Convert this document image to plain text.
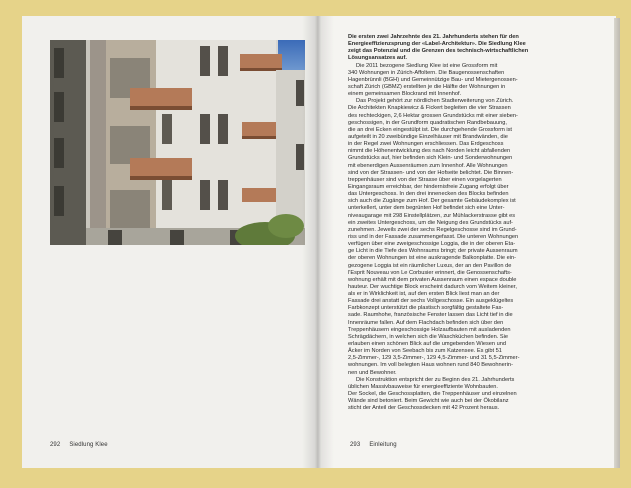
292 Siedlung Klee
Die ersten zwei Jahrzehnte des 21. Jahrhunderts stehen für den
Energieeffizienzsprung der «Label-Architektur». Die Siedlung Klee
zeigt das Potenzial und die Grenzen des technisch-wirtschaftlichen
Lösungsansatzes auf.
Die 2011 bezogene Siedlung Klee ist eine Grossform mit
340 Wohnungen in Zürich-Affoltern. Die Baugenossenschaften
Hagenbrünnli (BGH) und Gemeinnützige Bau- und Mietergenossen-
schaft Zürich (GBMZ) erstellten je die Hälfte der Wohnungen in
einem gemeinsamen Blockrand mit Innenhof.
Das Projekt gehört zur nördlichen Stadterweiterung von Zürich.
Die Architekten Knapkiewicz & Fickert begleiten die vier Strassen
des rechteckigen, 2,6 Hektar grossen Grundstücks mit einer sieben-
geschossigen, in der Grundform quadratischen Randbebauung,
die an drei Ecken eingestülpt ist. Die durchgehende Grossform ist
aufgeteilt in 20 zweibündige Einzelhäuser mit Brandwänden, die
in der Regel zwei Wohnungen erschliessen. Das Erdgeschoss
nimmt die Höhenentwicklung des nach Norden leicht abfallenden
Grundstücks auf, hier befinden sich Klein- und Sonderwohnungen
mit ebenerdigen Aussenräumen zum Innenhof. Alle Wohnungen
sind von der Strassen- und von der Hofseite belichtet. Die Binnen-
treppenhäuser sind von der Strasse über einen vorgelagerten
Eingangsraum erreichbar, der hindernisfreie Zugang erfolgt über
das Untergeschoss. In den drei innenecken des Blocks befinden
sich auch die Zugänge zum Hof. Der gesamte Gebäudekomplex ist
unterkellert, unter dem begrünten Hof befindet sich eine Unter-
niveaugarage mit 298 Einstellplätzen, zur Mühlackerstrasse gibt es
ein zweites Untergeschoss, um die Neigung des Grundstücks auf-
zunehmen. Jeweils zwei der sechs Regelgeschosse sind im Grund-
riss und in der Fassade zusammengefasst. Die unteren Wohnungen
verfügen über eine zweigeschossige Loggia, die in der oberen Eta-
ge Licht in die Tiefe des Wohnraums bringt; der private Aussenraum
der oberen Wohnungen ist eine auskragende Balkonplatte. Die ein-
gezogene Loggia ist ein räumlicher Luxus, der an den Pavillon de
l'Esprit Nouveau von Le Corbusier erinnert, die Genossenschafts-
wohnung erhält mit dem privaten Aussenraum einen espace double
hauteur. Der wuchtige Block erscheint dadurch vom Weitem kleiner,
als er in Wirklichkeit ist, auf den ersten Blick liest man an der
Fassade drei anstatt der sechs Vollgeschosse. Ein ausgeklügeltes
Farbkonzept unterstützt die plastisch sorgfältig gestaltete Fas-
sade. Raumhohe, französische Fenster lassen das Licht tief in die
Innenräume fallen. Auf dem Flachdach befinden sich über den
Treppenhäusern eingeschossige Holzaufbauten mit ausladenden
Schrägdächern, in welchen sich die Waschküchen befinden. Sie
erlauben einen schönen Blick auf die umgebenden Wiesen und
Äcker im Norden von Seebach bis zum Katzensee. Es gibt 51
2,5-Zimmer-, 129 3,5-Zimmer-, 129 4,5-Zimmer- und 31 5,5-Zimmer-
wohnungen. Im voll belegten Haus wohnen rund 840 Bewohnerin-
nen und Bewohner.
Die Konstruktion entspricht der zu Beginn des 21. Jahrhunderts
üblichen Massivbauweise für energieeffiziente Wohnbauten.
Der Sockel, die Geschossplatten, die Treppenhäuser und einzelnen
Wände sind betoniert. Beim Gewicht wie auch bei der Ökobilanz
sticht der Anteil der Geschossdecken mit 42 Prozent heraus.
293 Einleitung
